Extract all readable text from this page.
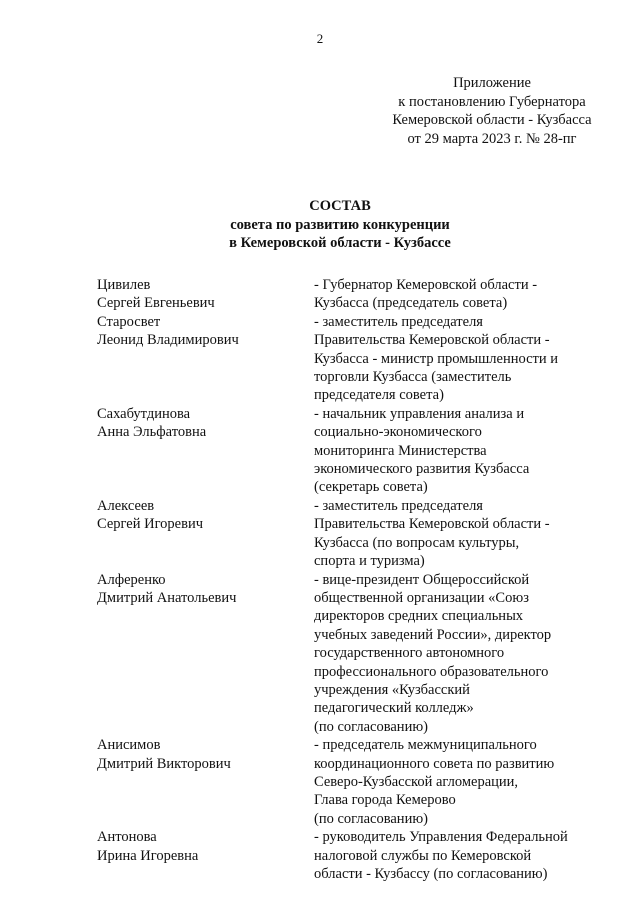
2
Приложение
к постановлению Губернатора
Кемеровской области - Кузбасса
от 29 марта 2023 г. № 28-пг
СОСТАВ
совета по развитию конкуренции
в Кемеровской области - Кузбассе
Цивилев
Сергей Евгеньевич
- Губернатор Кемеровской области -
Кузбасса (председатель совета)
Старосвет
Леонид Владимирович
- заместитель председателя
Правительства Кемеровской области -
Кузбасса - министр промышленности и
торговли Кузбасса (заместитель
председателя совета)
Сахабутдинова
Анна Эльфатовна
- начальник управления анализа и
социально-экономического
мониторинга Министерства
экономического развития Кузбасса
(секретарь совета)
Алексеев
Сергей Игоревич
- заместитель председателя
Правительства Кемеровской области -
Кузбасса (по вопросам культуры,
спорта и туризма)
Алференко
Дмитрий Анатольевич
- вице-президент Общероссийской
общественной организации «Союз
директоров средних специальных
учебных заведений России», директор
государственного автономного
профессионального образовательного
учреждения «Кузбасский
педагогический колледж»
(по согласованию)
Анисимов
Дмитрий Викторович
- председатель межмуниципального
координационного совета по развитию
Северо-Кузбасской агломерации,
Глава города Кемерово
(по согласованию)
Антонова
Ирина Игоревна
- руководитель Управления Федеральной
налоговой службы по Кемеровской
области - Кузбассу (по согласованию)
